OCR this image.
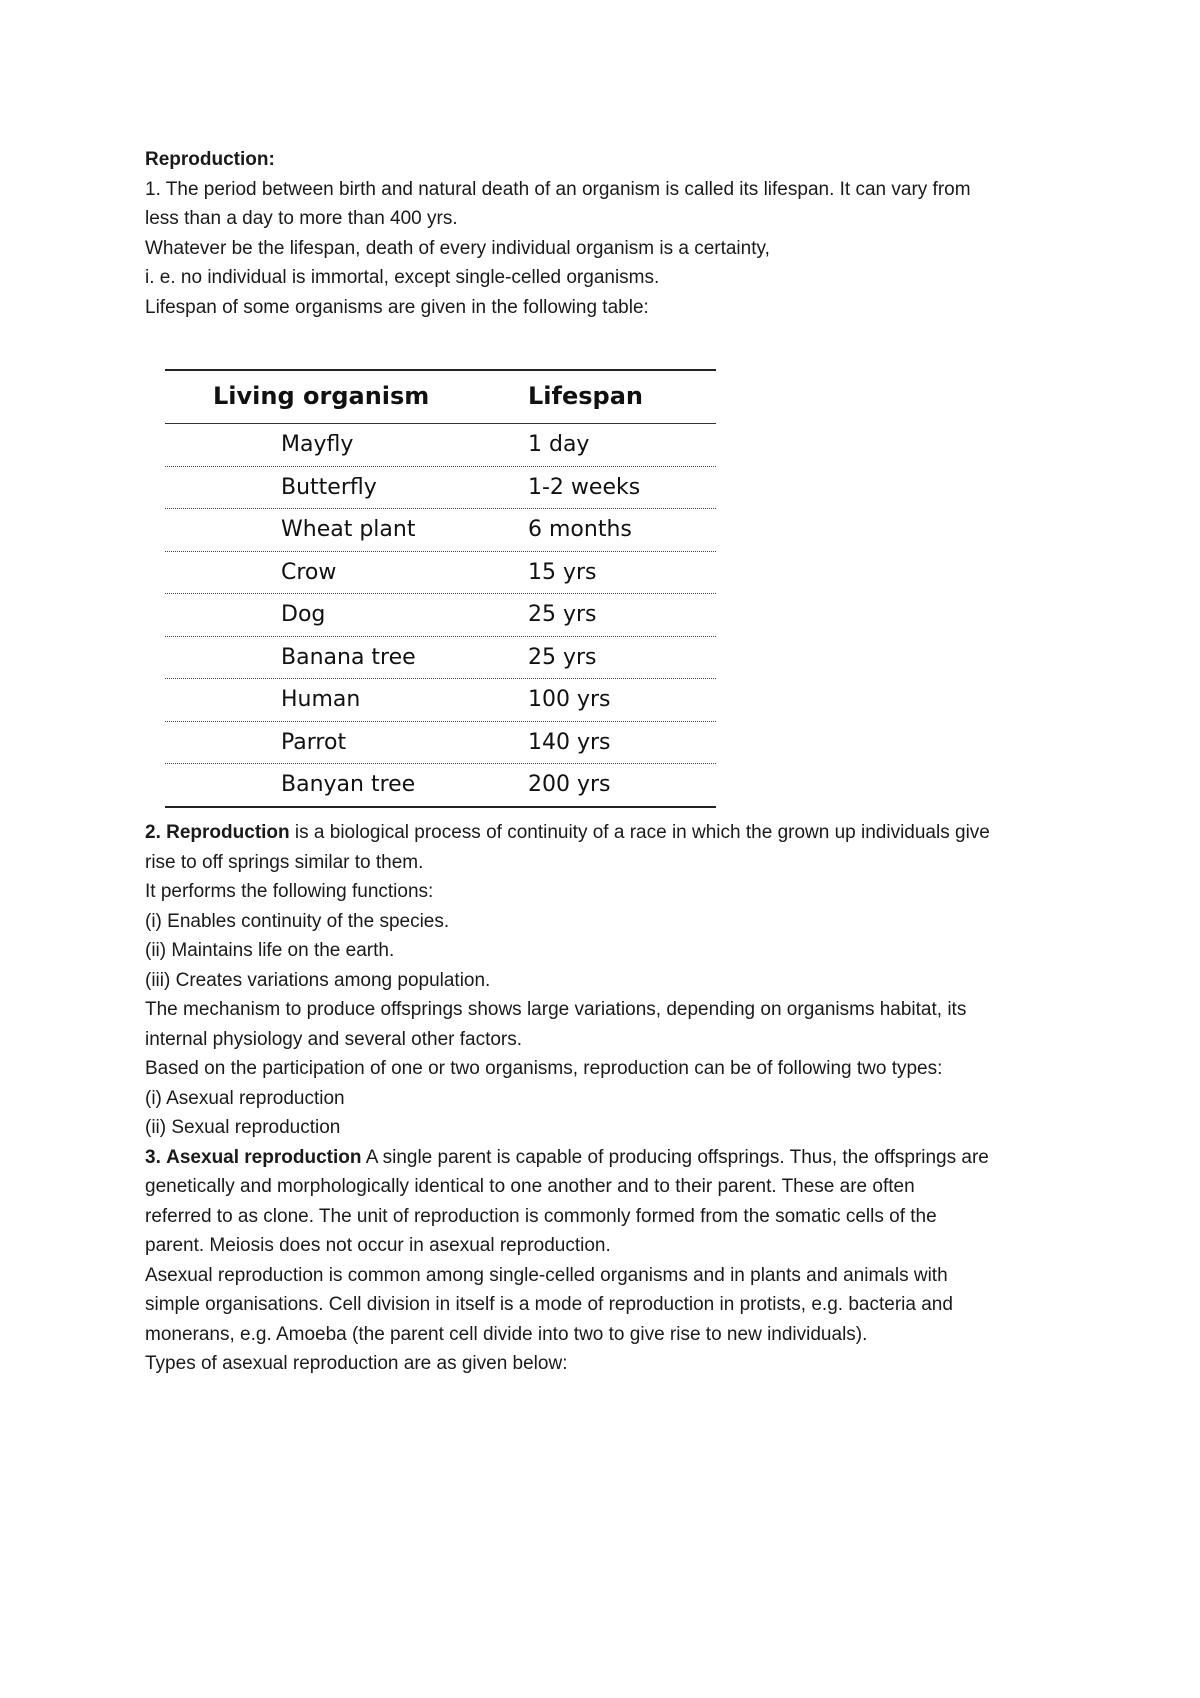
Reproduction:

1. The period between birth and natural death of an organism is called its lifespan. It can vary from

less than a day to more than 400 yrs.

Whatever be the lifespan, death of every individual organism is a certainty,

i. e. no individual is immortal, except single-celled organisms.

Lifespan of some organisms are given in the following table:

Living organism	Lifespan
Mayfly	1 day
Butterfly	1-2 weeks
Wheat plant	6 months
Crow	15 yrs
Dog	25 yrs
Banana tree	25 yrs
Human	100 yrs
Parrot	140 yrs
Banyan tree	200 yrs

2. Reproduction is a biological process of continuity of a race in which the grown up individuals give

rise to off springs similar to them.

It performs the following functions:

(i) Enables continuity of the species.

(ii) Maintains life on the earth.

(iii) Creates variations among population.

The mechanism to produce offsprings shows large variations, depending on organisms habitat, its

internal physiology and several other factors.

Based on the participation of one or two organisms, reproduction can be of following two types:

(i) Asexual reproduction

(ii) Sexual reproduction

3. Asexual reproduction A single parent is capable of producing offsprings. Thus, the offsprings are

genetically and morphologically identical to one another and to their parent. These are often

referred to as clone. The unit of reproduction is commonly formed from the somatic cells of the

parent. Meiosis does not occur in asexual reproduction.

Asexual reproduction is common among single-celled organisms and in plants and animals with

simple organisations. Cell division in itself is a mode of reproduction in protists, e.g. bacteria and

monerans, e.g. Amoeba (the parent cell divide into two to give rise to new individuals).

Types of asexual reproduction are as given below:
